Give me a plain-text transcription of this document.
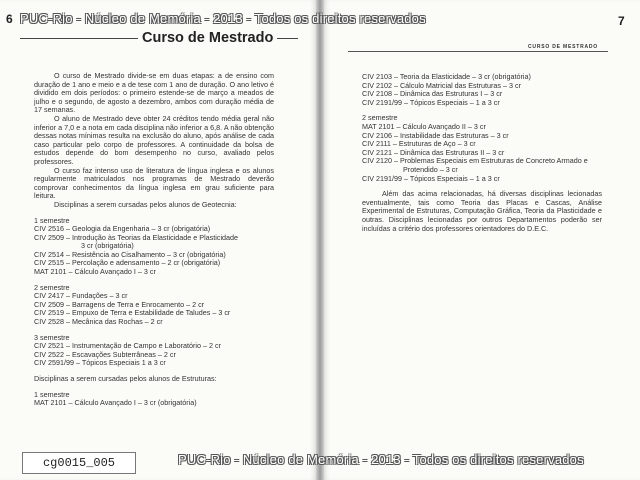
6 PUC-Rio - Núcleo de Memória - 2013 - Todos os direitos reservados	7
Curso de Mestrado
CURSO DE MESTRADO

O curso de Mestrado divide-se em duas etapas: a de ensino com duração de 1 ano e meio e a de tese com 1 ano de duração. O ano letivo é dividido em dois períodos: o primeiro estende-se de março a meados de julho e o segundo, de agosto a dezembro, ambos com duração média de 17 semanas.

O aluno de Mestrado deve obter 24 créditos tendo média geral não inferior a 7,0 e a nota em cada disciplina não inferior a 6,8. A não obtenção dessas notas mínimas resulta na exclusão do aluno, após análise de cada caso particular pelo corpo de professores. A continuidade da bolsa de estudos depende do bom desempenho no curso, avaliado pelos professores.

O curso faz intenso uso de literatura de língua inglesa e os alunos regularmente matriculados nos programas de Mestrado deverão comprovar conhecimentos da língua inglesa em grau suficiente para leitura.

Disciplinas a serem cursadas pelos alunos de Geotecnia:

1 semestre
CIV 2516 – Geologia da Engenharia – 3 cr (obrigatória)
CIV 2509 – Introdução às Teorias da Elasticidade e Plasticidade
3 cr (obrigatória)
CIV 2514 – Resistência ao Cisalhamento – 3 cr (obrigatória)
CIV 2515 – Percolação e adensamento – 2 cr (obrigatória)
MAT 2101 – Cálculo Avançado I – 3 cr
2 semestre
CIV 2417 – Fundações – 3 cr
CIV 2509 – Barragens de Terra e Enrocamento – 2 cr
CIV 2519 – Empuxo de Terra e Estabilidade de Taludes – 3 cr
CIV 2528 – Mecânica das Rochas – 2 cr
3 semestre
CIV 2521 – Instrumentação de Campo e Laboratório – 2 cr
CIV 2522 – Escavações Subterrâneas – 2 cr
CIV 2591/99 – Tópicos Especiais 1 a 3 cr
Disciplinas a serem cursadas pelos alunos de Estruturas:
1 semestre
MAT 2101 – Cálculo Avançado I – 3 cr (obrigatória)
CIV 2103 – Teoria da Elasticidade – 3 cr (obrigatória)
CIV 2102 – Cálculo Matricial das Estruturas – 3 cr
CIV 2108 – Dinâmica das Estruturas I – 3 cr
CIV 2191/99 – Tópicos Especiais – 1 a 3 cr
2 semestre
MAT 2101 – Cálculo Avançado II – 3 cr
CIV 2106 – Instabilidade das Estruturas – 3 cr
CIV 2111 – Estruturas de Aço – 3 cr
CIV 2121 – Dinâmica das Estruturas II – 3 cr

CIV 2120 – Problemas Especiais em Estruturas de Concreto Armado e Protendido – 3 cr

CIV 2191/99 – Tópicos Especiais – 1 a 3 cr

Além das acima relacionadas, há diversas disciplinas lecionadas eventualmente, tais como Teoria das Placas e Cascas, Análise Experimental de Estruturas, Computação Gráfica, Teoria da Plasticidade e outras. Disciplinas lecionadas por outros Departamentos poderão ser incluídas a critério dos professores orientadores do D.E.C.

PUC-Rio - Núcleo de Memória - 2013 - Todos os direitos reservados
cg0015_005
